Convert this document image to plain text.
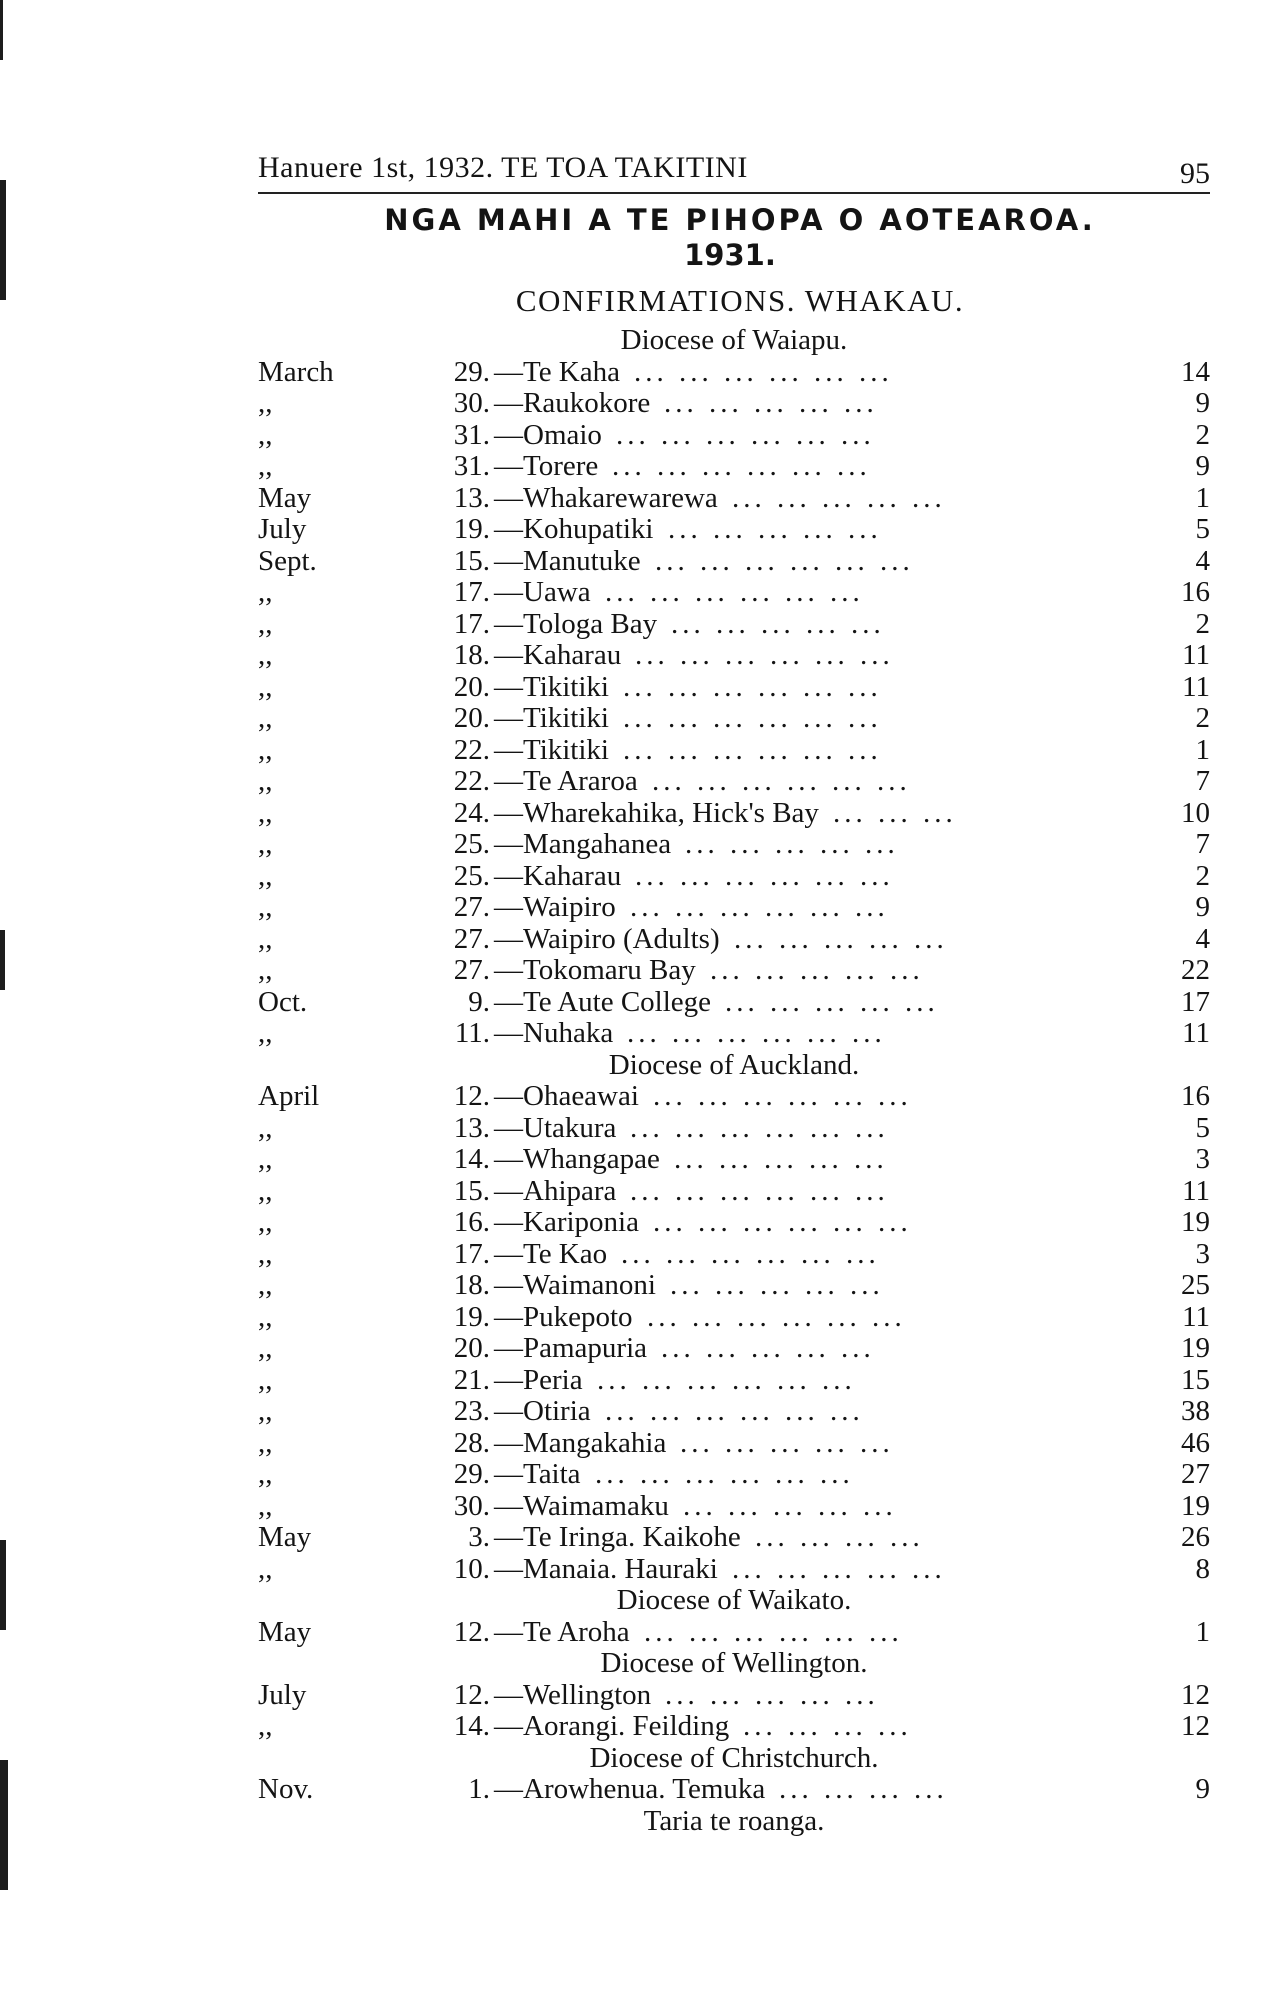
Hanuere 1st, 1932. TE TOA TAKITINI	95
NGA MAHI A TE PIHOPA O AOTEAROA.
1931.
CONFIRMATIONS. WHAKAU.
Diocese of Waiapu.
March	29. —Te Kaha	14
... ... ... ... ... ...
,,	30. —Raukokore	9
... ... ... ... ...
,,	31. —Omaio	2
... ... ... ... ... ...
,,	31. —Torere	9
... ... ... ... ... ...
May	13. —Whakarewarewa	1
... ... ... ... ...
July	19. —Kohupatiki	5
... ... ... ... ...
Sept.	15. —Manutuke	4
... ... ... ... ... ...
,,	17. —Uawa	16
... ... ... ... ... ...
,,	17. —Tologa Bay	2
... ... ... ... ...
,,	18. —Kaharau	11
... ... ... ... ... ...
,,	20. —Tikitiki	11
... ... ... ... ... ...
,,	20. —Tikitiki	2
... ... ... ... ... ...
,,	22. —Tikitiki	1
... ... ... ... ... ...
,,	22. —Te Araroa	7
... ... ... ... ... ...
,,	24. —Wharekahika, Hick's Bay	10
... ... ...
,,	25. —Mangahanea	7
... ... ... ... ...
,,	25. —Kaharau	2
... ... ... ... ... ...
,,	27. —Waipiro	9
... ... ... ... ... ...
,,	27. —Waipiro (Adults)	4
... ... ... ... ...
,,	27. —Tokomaru Bay	22
... ... ... ... ...
Oct.	9. —Te Aute College	17
... ... ... ... ...
,,	11. —Nuhaka	11
... ... ... ... ... ...
Diocese of Auckland.
April	12. —Ohaeawai	16
... ... ... ... ... ...
,,	13. —Utakura	5
... ... ... ... ... ...
,,	14. —Whangapae	3
... ... ... ... ...
,,	15. —Ahipara	11
... ... ... ... ... ...
,,	16. —Kariponia	19
... ... ... ... ... ...
,,	17. —Te Kao	3
... ... ... ... ... ...
,,	18. —Waimanoni	25
... ... ... ... ...
,,	19. —Pukepoto	11
... ... ... ... ... ...
,,	20. —Pamapuria	19
... ... ... ... ...
,,	21. —Peria	15
... ... ... ... ... ...
,,	23. —Otiria	38
... ... ... ... ... ...
,,	28. —Mangakahia	46
... ... ... ... ...
,,	29. —Taita	27
... ... ... ... ... ...
,,	30. —Waimamaku	19
... ... ... ... ...
May	3. —Te Iringa. Kaikohe	26
... ... ... ...
,,	10. —Manaia. Hauraki	8
... ... ... ... ...
Diocese of Waikato.
May	12. —Te Aroha	1
... ... ... ... ... ...
Diocese of Wellington.
July	12. —Wellington	12
... ... ... ... ...
,,	14. —Aorangi. Feilding	12
... ... ... ...
Diocese of Christchurch.
Nov.	1. —Arowhenua. Temuka	9
... ... ... ...
Taria te roanga.
